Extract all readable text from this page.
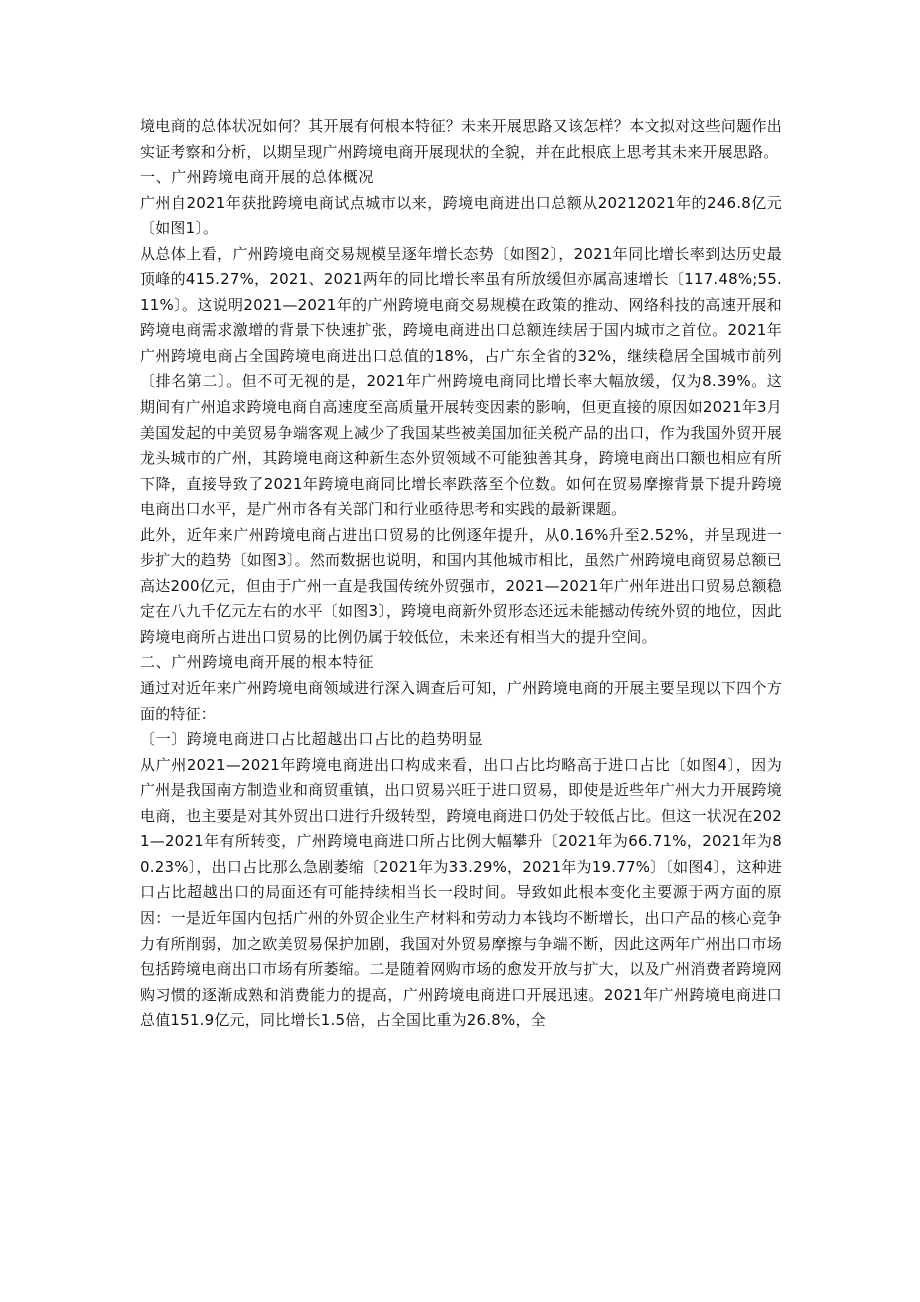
境电商的总体状况如何？其开展有何根本特征？未来开展思路又该怎样？本文拟对这些问题作出实证考察和分析，以期呈现广州跨境电商开展现状的全貌，并在此根底上思考其未来开展思路。

一、广州跨境电商开展的总体概况

广州自2021年获批跨境电商试点城市以来，跨境电商进出口总额从20212021年的246.8亿元〔如图1〕。

从总体上看，广州跨境电商交易规模呈逐年增长态势〔如图2〕，2021年同比增长率到达历史最顶峰的415.27%，2021、2021两年的同比增长率虽有所放缓但亦属高速增长〔117.48%;55.11%〕。这说明2021—2021年的广州跨境电商交易规模在政策的推动、网络科技的高速开展和跨境电商需求激增的背景下快速扩张，跨境电商进出口总额连续居于国内城市之首位。2021年广州跨境电商占全国跨境电商进出口总值的18%，占广东全省的32%，继续稳居全国城市前列〔排名第二〕。但不可无视的是，2021年广州跨境电商同比增长率大幅放缓，仅为8.39%。这期间有广州追求跨境电商自高速度至高质量开展转变因素的影响，但更直接的原因如2021年3月美国发起的中美贸易争端客观上减少了我国某些被美国加征关税产品的出口，作为我国外贸开展龙头城市的广州，其跨境电商这种新生态外贸领域不可能独善其身，跨境电商出口额也相应有所下降，直接导致了2021年跨境电商同比增长率跌落至个位数。如何在贸易摩擦背景下提升跨境电商出口水平，是广州市各有关部门和行业亟待思考和实践的最新课题。

此外，近年来广州跨境电商占进出口贸易的比例逐年提升，从0.16%升至2.52%，并呈现进一步扩大的趋势〔如图3〕。然而数据也说明，和国内其他城市相比，虽然广州跨境电商贸易总额已高达200亿元，但由于广州一直是我国传统外贸强市，2021—2021年广州年进出口贸易总额稳定在八九千亿元左右的水平〔如图3〕，跨境电商新外贸形态还远未能撼动传统外贸的地位，因此跨境电商所占进出口贸易的比例仍属于较低位，未来还有相当大的提升空间。

二、广州跨境电商开展的根本特征

通过对近年来广州跨境电商领域进行深入调查后可知，广州跨境电商的开展主要呈现以下四个方面的特征：

〔一〕跨境电商进口占比超越出口占比的趋势明显

从广州2021—2021年跨境电商进出口构成来看，出口占比均略高于进口占比〔如图4〕，因为广州是我国南方制造业和商贸重镇，出口贸易兴旺于进口贸易，即使是近些年广州大力开展跨境电商，也主要是对其外贸出口进行升级转型，跨境电商进口仍处于较低占比。但这一状况在2021—2021年有所转变，广州跨境电商进口所占比例大幅攀升〔2021年为66.71%，2021年为80.23%〕，出口占比那么急剧萎缩〔2021年为33.29%，2021年为19.77%〕〔如图4〕，这种进口占比超越出口的局面还有可能持续相当长一段时间。导致如此根本变化主要源于两方面的原因：一是近年国内包括广州的外贸企业生产材料和劳动力本钱均不断增长，出口产品的核心竞争力有所削弱，加之欧美贸易保护加剧，我国对外贸易摩擦与争端不断，因此这两年广州出口市场包括跨境电商出口市场有所萎缩。二是随着网购市场的愈发开放与扩大，以及广州消费者跨境网购习惯的逐渐成熟和消费能力的提高，广州跨境电商进口开展迅速。2021年广州跨境电商进口总值151.9亿元，同比增长1.5倍，占全国比重为26.8%，全
